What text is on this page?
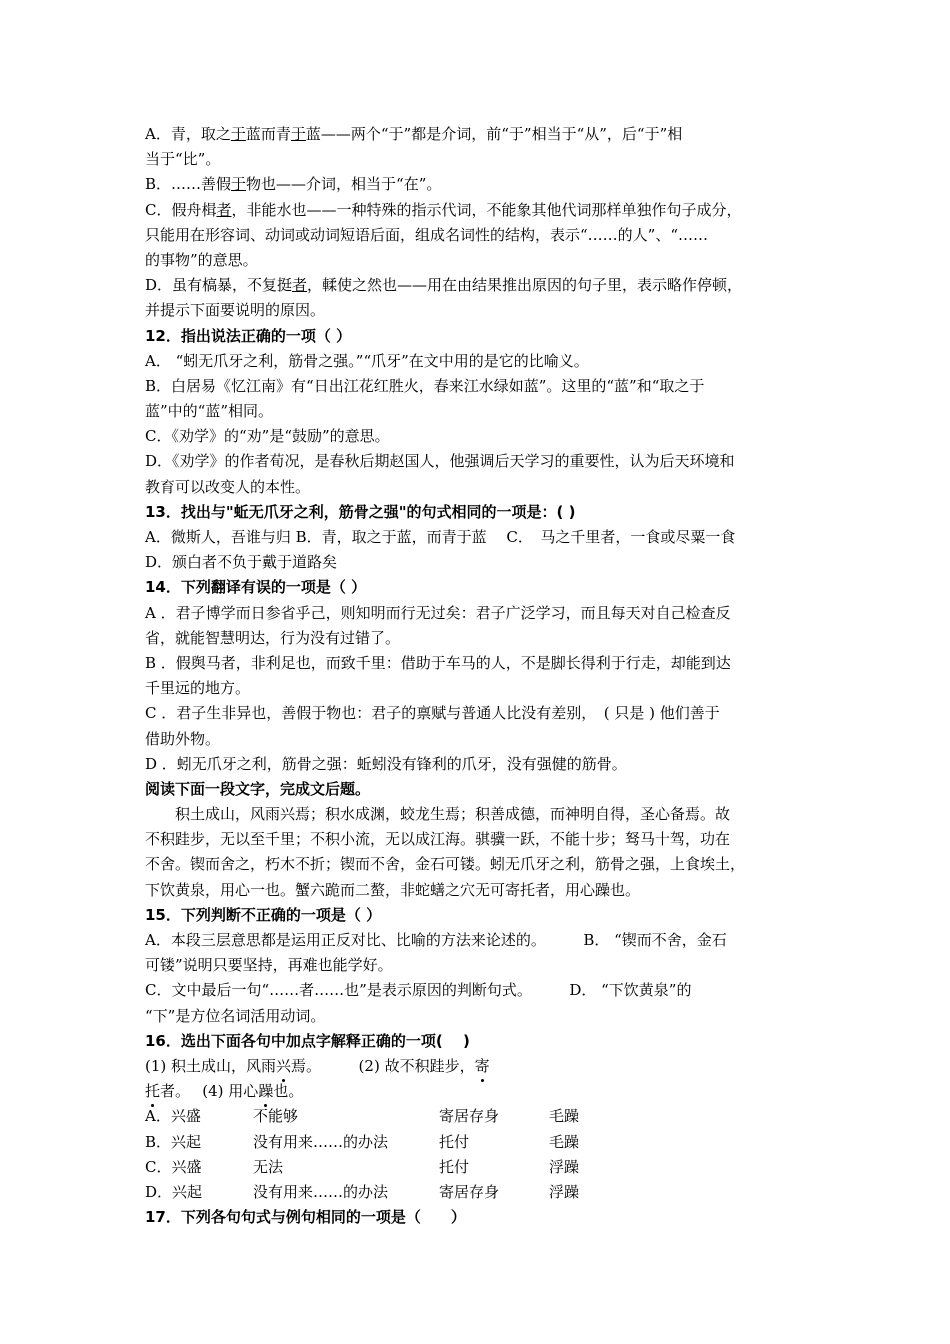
A．青，取之于蓝而青于蓝——两个“于”都是介词，前“于”相当于“从”，后“于”相
当于“比”。
B．……善假于物也——介词，相当于“在”。
C．假舟楫者，非能水也——一种特殊的指示代词，不能象其他代词那样单独作句子成分，
只能用在形容词、动词或动词短语后面，组成名词性的结构，表示“……的人”、“……
的事物”的意思。
D．虽有槁暴，不复挺者，輮使之然也——用在由结果推出原因的句子里，表示略作停顿，
并提示下面要说明的原因。
12．指出说法正确的一项（ ）
A． “蚓无爪牙之利，筋骨之强。”“爪牙”在文中用的是它的比喻义。
B．白居易《忆江南》有“日出江花红胜火，春来江水绿如蓝”。这里的“蓝”和“取之于
蓝”中的“蓝”相同。
C．《劝学》的“劝”是“鼓励”的意思。
D．《劝学》的作者荀况，是春秋后期赵国人，他强调后天学习的重要性，认为后天环境和
教育可以改变人的本性。
13．找出与"蚯无爪牙之利，筋骨之强"的句式相同的一项是：( )
A．微斯人，吾谁与归 B．青，取之于蓝，而青于蓝　 C．　马之千里者，一食或尽粟一食
D．颁白者不负于戴于道路矣
14．下列翻译有误的一项是（ ）
A ．君子博学而日参省乎己，则知明而行无过矣：君子广泛学习，而且每天对自己检查反
省，就能智慧明达，行为没有过错了。
B ．假舆马者，非利足也，而致千里：借助于车马的人，不是脚长得利于行走，却能到达
千里远的地方。
C ．君子生非异也，善假于物也：君子的禀赋与普通人比没有差别，　( 只是 ) 他们善于
借助外物。
D ．蚓无爪牙之利，筋骨之强：蚯蚓没有锋利的爪牙，没有强健的筋骨。
阅读下面一段文字，完成文后题。
积土成山，风雨兴焉；积水成渊，蛟龙生焉；积善成德，而神明自得，圣心备焉。故
不积跬步，无以至千里；不积小流，无以成江海。骐骥一跃，不能十步；驽马十驾，功在
不舍。锲而舍之，朽木不折；锲而不舍，金石可镂。蚓无爪牙之利，筋骨之强，上食埃土，
下饮黄泉，用心一也。蟹六跪而二螯，非蛇蟮之穴无可寄托者，用心躁也。
15．下列判断不正确的一项是（ ）
A．本段三层意思都是运用正反对比、比喻的方法来论述的。　　　B． “锲而不舍，金石
可镂”说明只要坚持，再难也能学好。
C．文中最后一句“……者……也”是表示原因的判断句式。　　　D． “下饮黄泉”的
“下”是方位名词活用动词。
16．选出下面各句中加点字解释正确的一项(　 )
(1) 积土成山，风雨兴焉。　　　(2) 故不积跬步，寄
托者。　 (4) 用心躁也。
A．兴盛	不能够	寄居存身	毛躁
B．兴起	没有用来……的办法	托付	毛躁
C．兴盛	无法	托付	浮躁
D．兴起	没有用来……的办法	寄居存身	浮躁
17．下列各句句式与例句相同的一项是（　　）
